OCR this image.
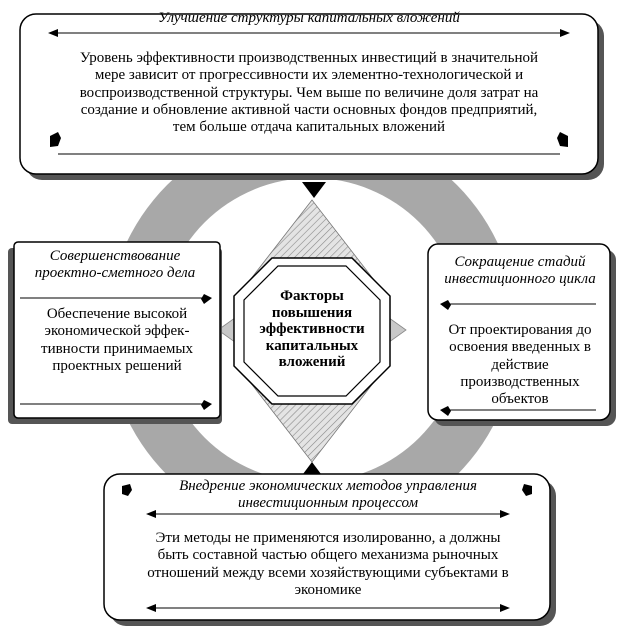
Улучшение структуры капитальных вложений

Уровень эффективности производственных инвестиций в значительной мере зависит от прогрессивности их элементно-технологической и воспроизводственной структуры. Чем выше по величине доля затрат на создание и обновление активной части основных фондов предприятий, тем больше отдача капитальных вложений

Факторы повышения эффективности капитальных вложений

Совершенствование проектно-сметного дела

Обеспечение высокой экономической эффек-тивности принимаемых проектных решений

Сокращение стадий инвестиционного цикла

От проектирования до освоения введенных в действие производственных объектов

Внедрение экономических методов управления инвестиционным процессом

Эти методы не применяются изолированно, а должны быть составной частью общего механизма рыночных отношений между всеми хозяйствующими субъектами в экономике
